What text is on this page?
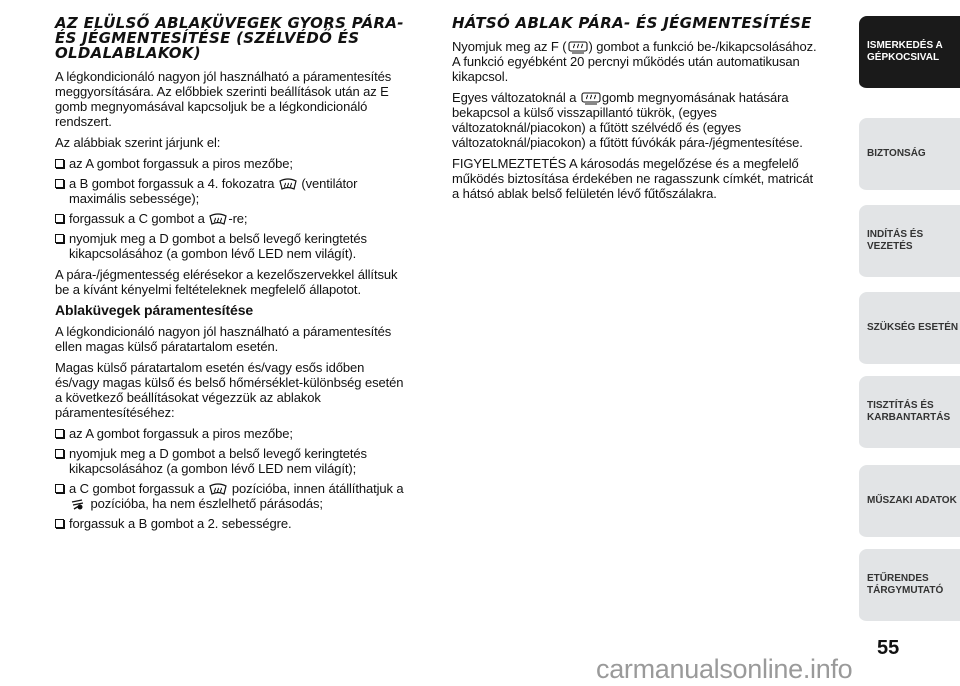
AZ ELÜLSŐ ABLAKÜVEGEK GYORS PÁRA- ÉS JÉGMENTESÍTÉSE (SZÉLVÉDŐ ÉS OLDALABLAKOK)

A légkondicionáló nagyon jól használható a páramentesítés meggyorsítására. Az előbbiek szerinti beállítások után az E gomb megnyomásával kapcsoljuk be a légkondicionáló rendszert.

Az alábbiak szerint járjunk el:

az A gombot forgassuk a piros mezőbe;
a B gombot forgassuk a 4. fokozatra (ventilátor maximális sebessége);
forgassuk a C gombot a -re;
nyomjuk meg a D gombot a belső levegő keringtetés kikapcsolásához (a gombon lévő LED nem világít).

A pára-/jégmentesség elérésekor a kezelőszervekkel állítsuk be a kívánt kényelmi feltételeknek megfelelő állapotot.

Ablaküvegek páramentesítése

A légkondicionáló nagyon jól használható a páramentesítés ellen magas külső páratartalom esetén.

Magas külső páratartalom esetén és/vagy esős időben és/vagy magas külső és belső hőmérséklet-különbség esetén a következő beállításokat végezzük az ablakok páramentesítéséhez:

az A gombot forgassuk a piros mezőbe;
nyomjuk meg a D gombot a belső levegő keringtetés kikapcsolásához (a gombon lévő LED nem világít);
a C gombot forgassuk a pozícióba, innen átállíthatjuk a
pozícióba, ha nem észlelhető párásodás;
forgassuk a B gombot a 2. sebességre.
HÁTSÓ ABLAK PÁRA- ÉS JÉGMENTESÍTÉSE

Nyomjuk meg az F ( ) gombot a funkció be-/kikapcsolásához. A funkció egyébként 20 percnyi működés után automatikusan kikapcsol.

Egyes változatoknál a gomb megnyomásának hatására bekapcsol a külső visszapillantó tükrök, (egyes változatoknál/piacokon) a fűtött szélvédő és (egyes változatoknál/piacokon) a fűtött fúvókák pára-/jégmentesítése.

FIGYELMEZTETÉS A károsodás megelőzése és a megfelelő működés biztosítása érdekében ne ragasszunk címkét, matricát a hátsó ablak belső felületén lévő fűtőszálakra.

ISMERKEDÉS A
GÉPKOCSIVAL
BIZTONSÁG
INDÍTÁS ÉS VEZETÉS
SZÜKSÉG ESETÉN
TISZTÍTÁS ÉS
KARBANTARTÁS
MŰSZAKI ADATOK
ETŰRENDES
TÁRGYMUTATÓ
55
carmanualsonline.info
